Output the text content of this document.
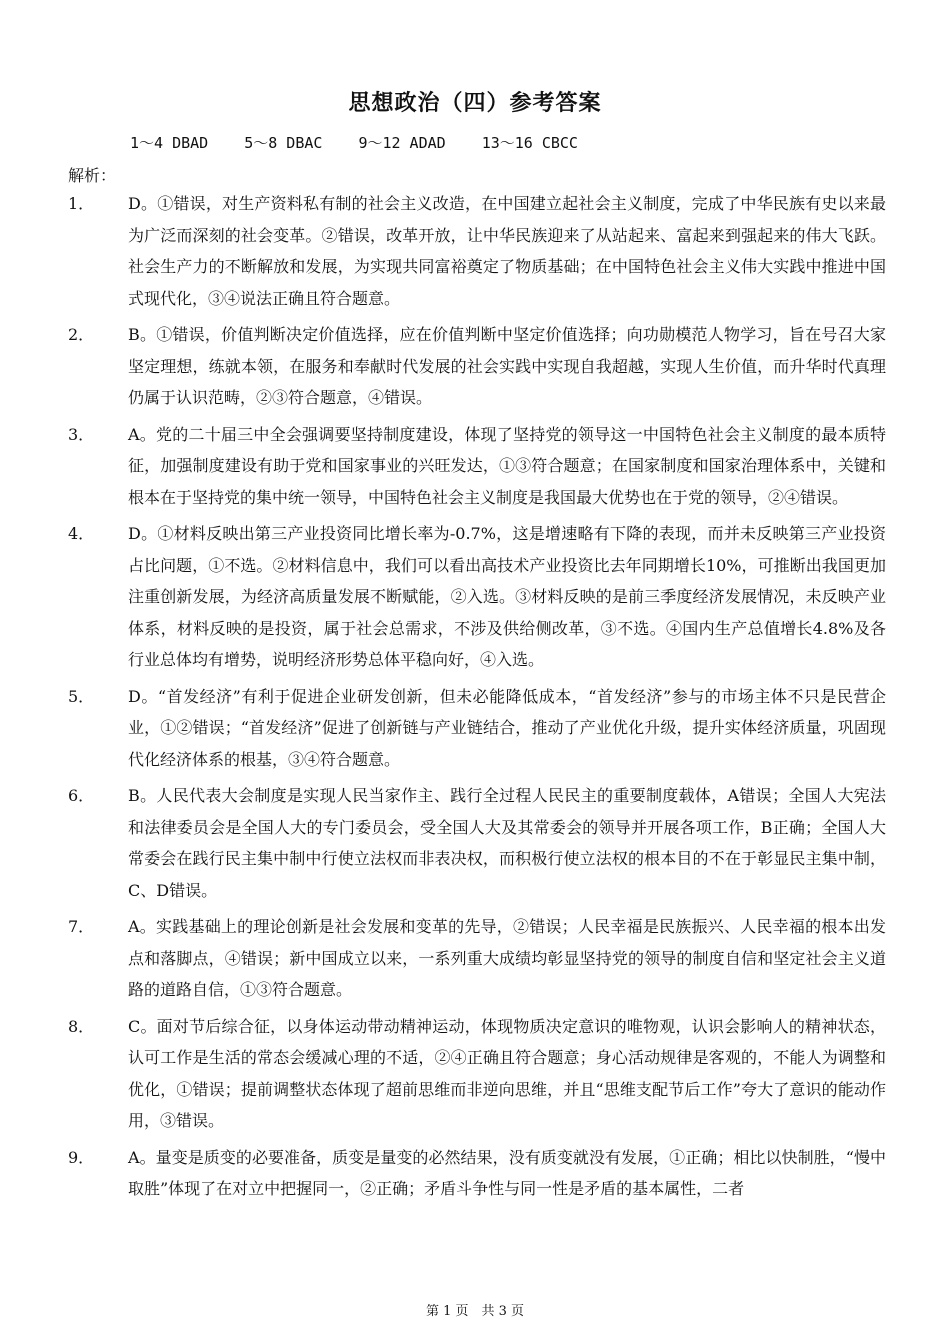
思想政治（四）参考答案
1～4 DBAD 5～8 DBAC 9～12 ADAD 13～16 CBCC
解析：
1．	D。①错误，对生产资料私有制的社会主义改造，在中国建立起社会主义制度，完成了中华民族有史以来最为广泛而深刻的社会变革。②错误，改革开放，让中华民族迎来了从站起来、富起来到强起来的伟大飞跃。社会生产力的不断解放和发展，为实现共同富裕奠定了物质基础；在中国特色社会主义伟大实践中推进中国式现代化，③④说法正确且符合题意。
2．	B。①错误，价值判断决定价值选择，应在价值判断中坚定价值选择；向功勋模范人物学习，旨在号召大家坚定理想，练就本领，在服务和奉献时代发展的社会实践中实现自我超越，实现人生价值，而升华时代真理仍属于认识范畴，②③符合题意，④错误。
3．	A。党的二十届三中全会强调要坚持制度建设，体现了坚持党的领导这一中国特色社会主义制度的最本质特征，加强制度建设有助于党和国家事业的兴旺发达，①③符合题意；在国家制度和国家治理体系中，关键和根本在于坚持党的集中统一领导，中国特色社会主义制度是我国最大优势也在于党的领导，②④错误。
4．	D。①材料反映出第三产业投资同比增长率为-0.7%，这是增速略有下降的表现，而并未反映第三产业投资占比问题，①不选。②材料信息中，我们可以看出高技术产业投资比去年同期增长10%，可推断出我国更加注重创新发展，为经济高质量发展不断赋能，②入选。③材料反映的是前三季度经济发展情况，未反映产业体系，材料反映的是投资，属于社会总需求，不涉及供给侧改革，③不选。④国内生产总值增长4.8%及各行业总体均有增势，说明经济形势总体平稳向好，④入选。
5．	D。“首发经济”有利于促进企业研发创新，但未必能降低成本，“首发经济”参与的市场主体不只是民营企业，①②错误；“首发经济”促进了创新链与产业链结合，推动了产业优化升级，提升实体经济质量，巩固现代化经济体系的根基，③④符合题意。
6．	B。人民代表大会制度是实现人民当家作主、践行全过程人民民主的重要制度载体，A错误；全国人大宪法和法律委员会是全国人大的专门委员会，受全国人大及其常委会的领导并开展各项工作，B正确；全国人大常委会在践行民主集中制中行使立法权而非表决权，而积极行使立法权的根本目的不在于彰显民主集中制，C、D错误。
7．	A。实践基础上的理论创新是社会发展和变革的先导，②错误；人民幸福是民族振兴、人民幸福的根本出发点和落脚点，④错误；新中国成立以来，一系列重大成绩均彰显坚持党的领导的制度自信和坚定社会主义道路的道路自信，①③符合题意。
8．	C。面对节后综合征，以身体运动带动精神运动，体现物质决定意识的唯物观，认识会影响人的精神状态，认可工作是生活的常态会缓减心理的不适，②④正确且符合题意；身心活动规律是客观的，不能人为调整和优化，①错误；提前调整状态体现了超前思维而非逆向思维，并且“思维支配节后工作”夸大了意识的能动作用，③错误。
9．	A。量变是质变的必要准备，质变是量变的必然结果，没有质变就没有发展，①正确；相比以快制胜，“慢中取胜”体现了在对立中把握同一，②正确；矛盾斗争性与同一性是矛盾的基本属性，二者
第 1 页　共 3 页
